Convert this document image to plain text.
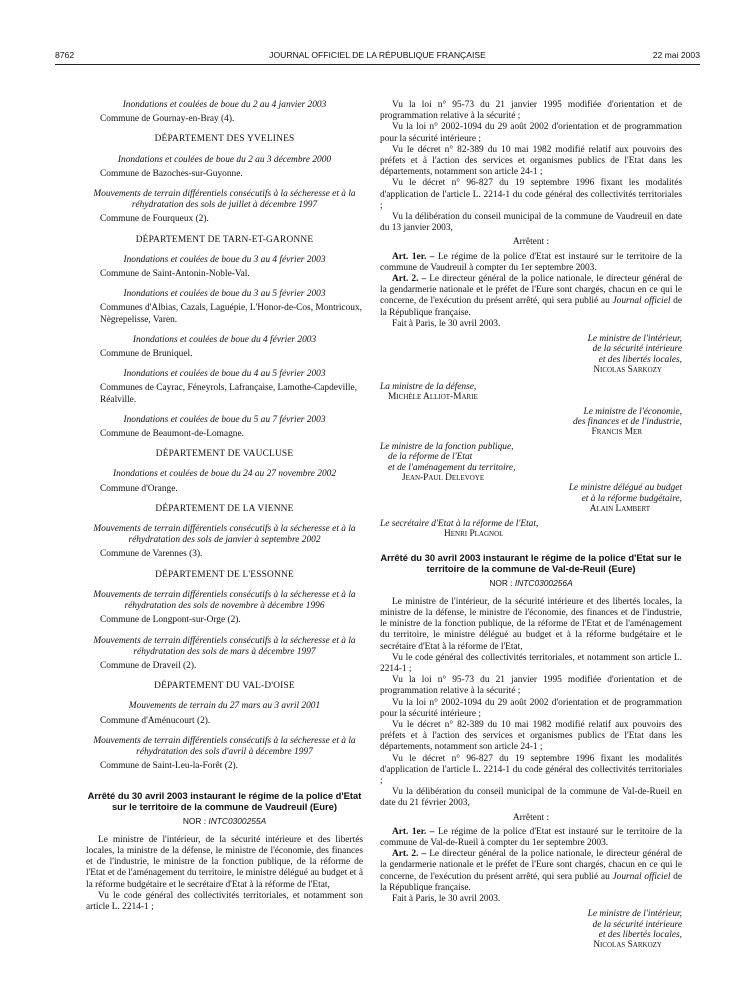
8762	JOURNAL OFFICIEL DE LA RÉPUBLIQUE FRANÇAISE	22 mai 2003
Inondations et coulées de boue du 2 au 4 janvier 2003
Commune de Gournay-en-Bray (4).
DÉPARTEMENT DES YVELINES
Inondations et coulées de boue du 2 au 3 décembre 2000
Commune de Bazoches-sur-Guyonne.
Mouvements de terrain différentiels consécutifs à la sécheresse et à la réhydratation des sols de juillet à décembre 1997
Commune de Fourqueux (2).
DÉPARTEMENT DE TARN-ET-GARONNE
Inondations et coulées de boue du 3 au 4 février 2003
Commune de Saint-Antonin-Noble-Val.
Inondations et coulées de boue du 3 au 5 février 2003
Communes d'Albias, Cazals, Laguépie, L'Honor-de-Cos, Montricoux, Nègrepelisse, Varen.
Inondations et coulées de boue du 4 février 2003
Commune de Bruniquel.
Inondations et coulées de boue du 4 au 5 février 2003
Communes de Cayrac, Féneyrols, Lafrançaise, Lamothe-Capdeville, Réalville.
Inondations et coulées de boue du 5 au 7 février 2003
Commune de Beaumont-de-Lomagne.
DÉPARTEMENT DE VAUCLUSE
Inondations et coulées de boue du 24 au 27 novembre 2002
Commune d'Orange.
DÉPARTEMENT DE LA VIENNE
Mouvements de terrain différentiels consécutifs à la sécheresse et à la réhydratation des sols de janvier à septembre 2002
Commune de Varennes (3).
DÉPARTEMENT DE L'ESSONNE
Mouvements de terrain différentiels consécutifs à la sécheresse et à la réhydratation des sols de novembre à décembre 1996
Commune de Longpont-sur-Orge (2).
Mouvements de terrain différentiels consécutifs à la sécheresse et à la réhydratation des sols de mars à décembre 1997
Commune de Draveil (2).
DÉPARTEMENT DU VAL-D'OISE
Mouvements de terrain du 27 mars au 3 avril 2001
Commune d'Aménucourt (2).
Mouvements de terrain différentiels consécutifs à la sécheresse et à la réhydratation des sols d'avril à décembre 1997
Commune de Saint-Leu-la-Forêt (2).

Arrêté du 30 avril 2003 instaurant le régime de la police d'Etat sur le territoire de la commune de Vaudreuil (Eure)

NOR : INTC0300255A

Le ministre de l'intérieur, de la sécurité intérieure et des libertés locales, la ministre de la défense, le ministre de l'économie, des finances et de l'industrie, le ministre de la fonction publique, de la réforme de l'Etat et de l'aménagement du territoire, le ministre délégué au budget et à la réforme budgétaire et le secrétaire d'Etat à la réforme de l'Etat,

Vu le code général des collectivités territoriales, et notamment son article L. 2214-1 ;

Vu la loi n° 95-73 du 21 janvier 1995 modifiée d'orientation et de programmation relative à la sécurité ;

Vu la loi n° 2002-1094 du 29 août 2002 d'orientation et de programmation pour la sécurité intérieure ;

Vu le décret n° 82-389 du 10 mai 1982 modifié relatif aux pouvoirs des préfets et à l'action des services et organismes publics de l'Etat dans les départements, notamment son article 24-1 ;

Vu le décret n° 96-827 du 19 septembre 1996 fixant les modalités d'application de l'article L. 2214-1 du code général des collectivités territoriales ;

Vu la délibération du conseil municipal de la commune de Vaudreuil en date du 13 janvier 2003,

Arrêtent :

Art. 1er. – Le régime de la police d'Etat est instauré sur le territoire de la commune de Vaudreuil à compter du 1er septembre 2003.

Art. 2. – Le directeur général de la police nationale, le directeur général de la gendarmerie nationale et le préfet de l'Eure sont chargés, chacun en ce qui le concerne, de l'exécution du présent arrêté, qui sera publié au Journal officiel de la République française.

Fait à Paris, le 30 avril 2003.

Le ministre de l'intérieur,
de la sécurité intérieure
et des libertés locales,
Nicolas Sarkozy
La ministre de la défense,
Michèle Alliot-Marie
Le ministre de l'économie,
des finances et de l'industrie,
Francis Mer
Le ministre de la fonction publique,
de la réforme de l'Etat
et de l'aménagement du territoire,
Jean-Paul Delevoye
Le ministre délégué au budget
et à la réforme budgétaire,
Alain Lambert
Le secrétaire d'Etat à la réforme de l'Etat,
Henri Plagnol

Arrêté du 30 avril 2003 instaurant le régime de la police d'Etat sur le territoire de la commune de Val-de-Reuil (Eure)

NOR : INTC0300256A

Le ministre de l'intérieur, de la sécurité intérieure et des libertés locales, la ministre de la défense, le ministre de l'économie, des finances et de l'industrie, le ministre de la fonction publique, de la réforme de l'Etat et de l'aménagement du territoire, le ministre délégué au budget et à la réforme budgétaire et le secrétaire d'Etat à la réforme de l'Etat,

Vu le code général des collectivités territoriales, et notamment son article L. 2214-1 ;

Vu la loi n° 95-73 du 21 janvier 1995 modifiée d'orientation et de programmation relative à la sécurité ;

Vu la loi n° 2002-1094 du 29 août 2002 d'orientation et de programmation pour la sécurité intérieure ;

Vu le décret n° 82-389 du 10 mai 1982 modifié relatif aux pouvoirs des préfets et à l'action des services et organismes publics de l'Etat dans les départements, notamment son article 24-1 ;

Vu le décret n° 96-827 du 19 septembre 1996 fixant les modalités d'application de l'article L. 2214-1 du code général des collectivités territoriales ;

Vu la délibération du conseil municipal de la commune de Val-de-Rueil en date du 21 février 2003,

Arrêtent :

Art. 1er. – Le régime de la police d'Etat est instauré sur le territoire de la commune de Val-de-Rueil à compter du 1er septembre 2003.

Art. 2. – Le directeur général de la police nationale, le directeur général de la gendarmerie nationale et le préfet de l'Eure sont chargés, chacun en ce qui le concerne, de l'exécution du présent arrêté, qui sera publié au Journal officiel de la République française.

Fait à Paris, le 30 avril 2003.

Le ministre de l'intérieur,
de la sécurité intérieure
et des libertés locales,
Nicolas Sarkozy
